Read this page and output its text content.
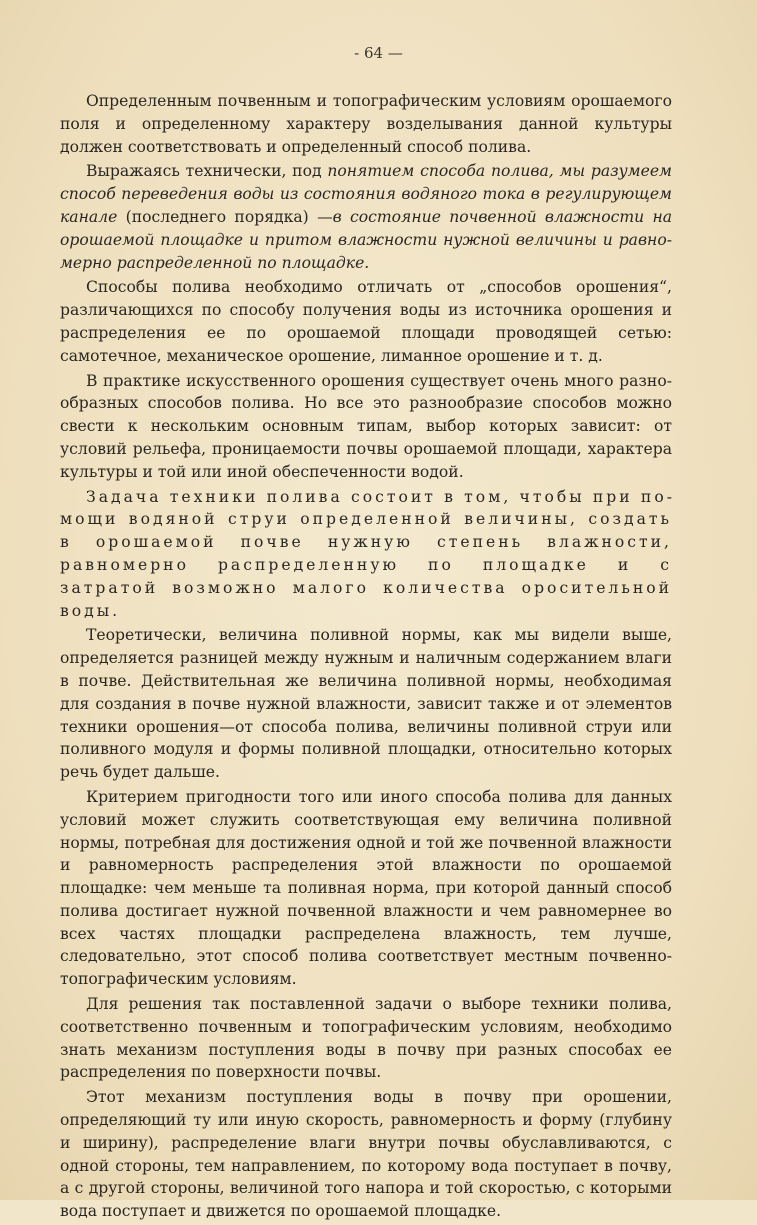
- 64 —

Определенным почвенным и топографическим условиям орошаемого поля и определенному характеру возделывания данной культуры должен соответствовать и определенный способ полива.

Выражаясь технически, под понятием способа полива, мы разумеем способ переведения воды из состояния водяного тока в регулирующем канале (последнего порядка) —в состояние почвенной влажности на орошаемой площадке и притом влажности нужной величины и равномерно распределенной по площадке.

Способы полива необходимо отличать от „способов орошения“, различающихся по способу получения воды из источника орошения и распределения ее по орошаемой площади проводящей сетью: самотечное, механическое орошение, лиманное орошение и т. д.

В практике искусственного орошения существует очень много разнообразных способов полива. Но все это разнообразие способов можно свести к нескольким основным типам, выбор которых зависит: от условий рельефа, проницаемости почвы орошаемой площади, характера культуры и той или иной обеспеченности водой.

Задача техники полива состоит в том, чтобы при помощи водяной струи определенной величины, создать в орошаемой почве нужную степень влажности, равномерно распределенную по площадке и с затратой возможно малого количества оросительной воды.

Теоретически, величина поливной нормы, как мы видели выше, определяется разницей между нужным и наличным содержанием влаги в почве. Действительная же величина поливной нормы, необходимая для создания в почве нужной влажности, зависит также и от элементов техники орошения—от способа полива, величины поливной струи или поливного модуля и формы поливной площадки, относительно которых речь будет дальше.

Критерием пригодности того или иного способа полива для данных условий может служить соответствующая ему величина поливной нормы, потребная для достижения одной и той же почвенной влажности и равномерность распределения этой влажности по орошаемой площадке: чем меньше та поливная норма, при которой данный способ полива достигает нужной почвенной влажности и чем равномернее во всех частях площадки распределена влажность, тем лучше, следовательно, этот способ полива соответствует местным почвенно-топографическим условиям.

Для решения так поставленной задачи о выборе техники полива, соответственно почвенным и топографическим условиям, необходимо знать механизм поступления воды в почву при разных способах ее распределения по поверхности почвы.

Этот механизм поступления воды в почву при орошении, определяющий ту или иную скорость, равномерность и форму (глубину и ширину), распределение влаги внутри почвы обуславливаются, с одной стороны, тем направлением, по которому вода поступает в почву, а с другой стороны, величиной того напора и той скоростью, с которыми вода поступает и движется по орошаемой площадке.
